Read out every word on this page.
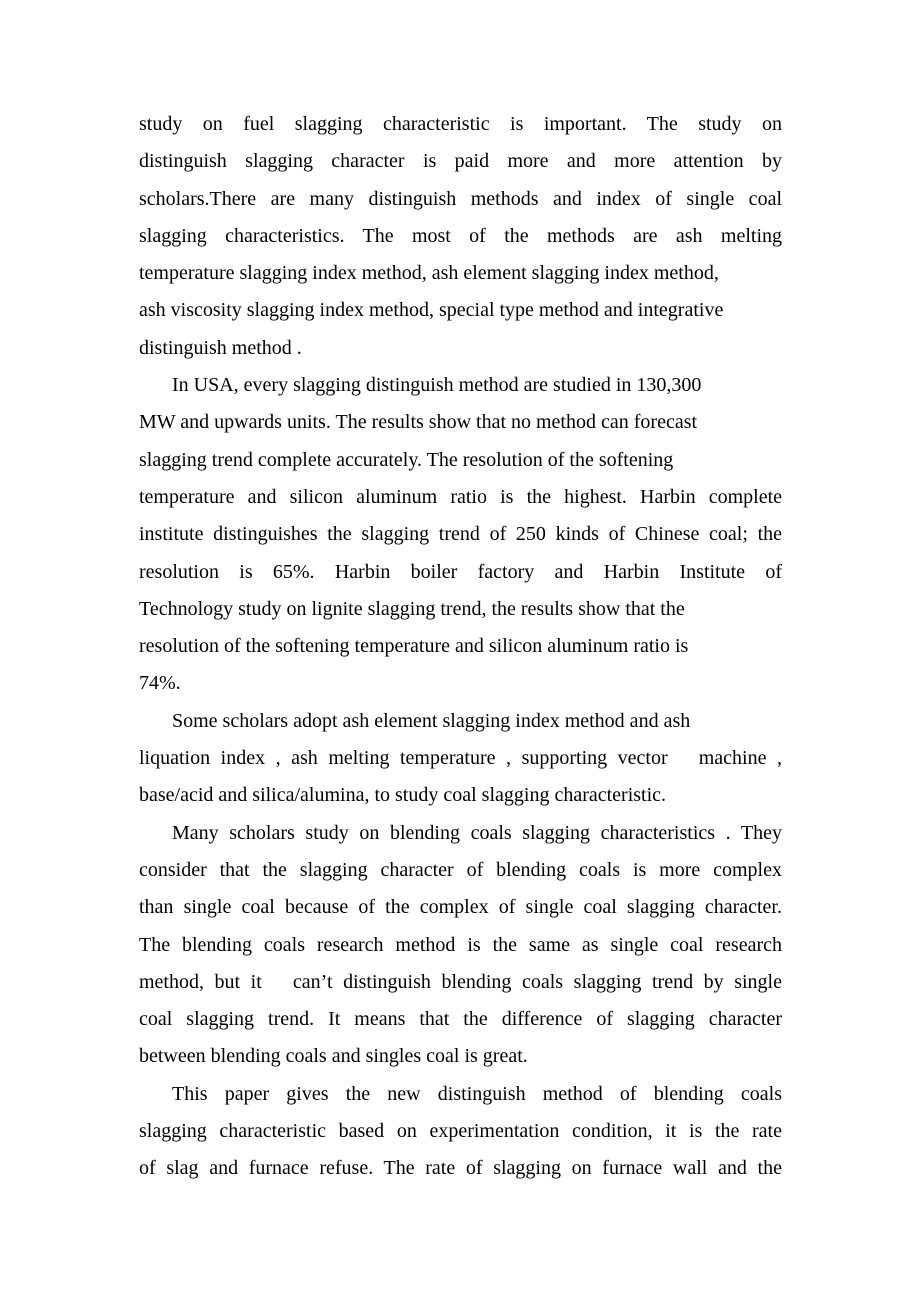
study on fuel slagging characteristic is important. The study on
distinguish slagging character is paid more and more attention by
scholars.There are many distinguish methods and index of single coal
slagging characteristics. The most of the methods are ash melting
temperature slagging index method, ash element slagging index method,
ash viscosity slagging index method, special type method and integrative
distinguish method .
In USA, every slagging distinguish method are studied in 130,300
MW and upwards units. The results show that no method can forecast
slagging trend complete accurately. The resolution of the softening
temperature and silicon aluminum ratio is the highest. Harbin complete
institute distinguishes the slagging trend of 250 kinds of Chinese coal; the
resolution is 65%. Harbin boiler factory and Harbin Institute of
Technology study on lignite slagging trend, the results show that the
resolution of the softening temperature and silicon aluminum ratio is
74%.
Some scholars adopt ash element slagging index method and ash
liquation index , ash melting temperature , supporting vector　machine ,
base/acid and silica/alumina, to study coal slagging characteristic.
Many scholars study on blending coals slagging characteristics . They
consider that the slagging character of blending coals is more complex
than single coal because of the complex of single coal slagging character.
The blending coals research method is the same as single coal research
method, but it　can’t distinguish blending coals slagging trend by single
coal slagging trend. It means that the difference of slagging character
between blending coals and singles coal is great.
This paper gives the new distinguish method of blending coals
slagging characteristic based on experimentation condition, it is the rate
of slag and furnace refuse. The rate of slagging on furnace wall and the
